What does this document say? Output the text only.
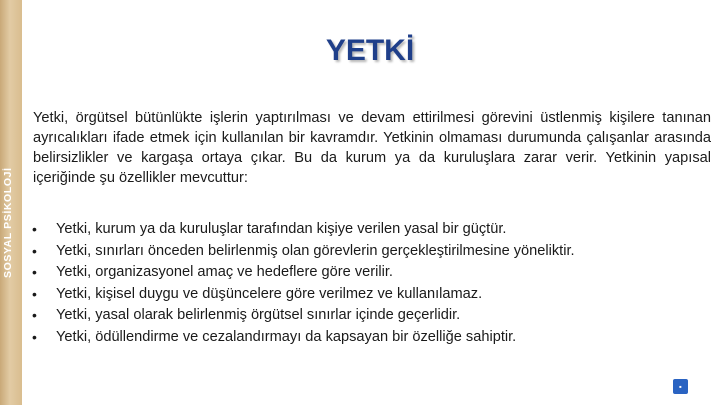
SOSYAL PSİKOLOJİ
YETKİ

Yetki, örgütsel bütünlükte işlerin yaptırılması ve devam ettirilmesi görevini üstlenmiş kişilere tanınan ayrıcalıkları ifade etmek için kullanılan bir kavramdır. Yetkinin olmaması durumunda çalışanlar arasında belirsizlikler ve kargaşa ortaya çıkar. Bu da kurum ya da kuruluşlara zarar verir. Yetkinin yapısal içeriğinde şu özellikler mevcuttur:

• Yetki, kurum ya da kuruluşlar tarafından kişiye verilen yasal bir güçtür.
• Yetki, sınırları önceden belirlenmiş olan görevlerin gerçekleştirilmesine yöneliktir.
• Yetki, organizasyonel amaç ve hedeflere göre verilir.
• Yetki, kişisel duygu ve düşüncelere göre verilmez ve kullanılamaz.
• Yetki, yasal olarak belirlenmiş örgütsel sınırlar içinde geçerlidir.
• Yetki, ödüllendirme ve cezalandırmayı da kapsayan bir özelliğe sahiptir.
■
